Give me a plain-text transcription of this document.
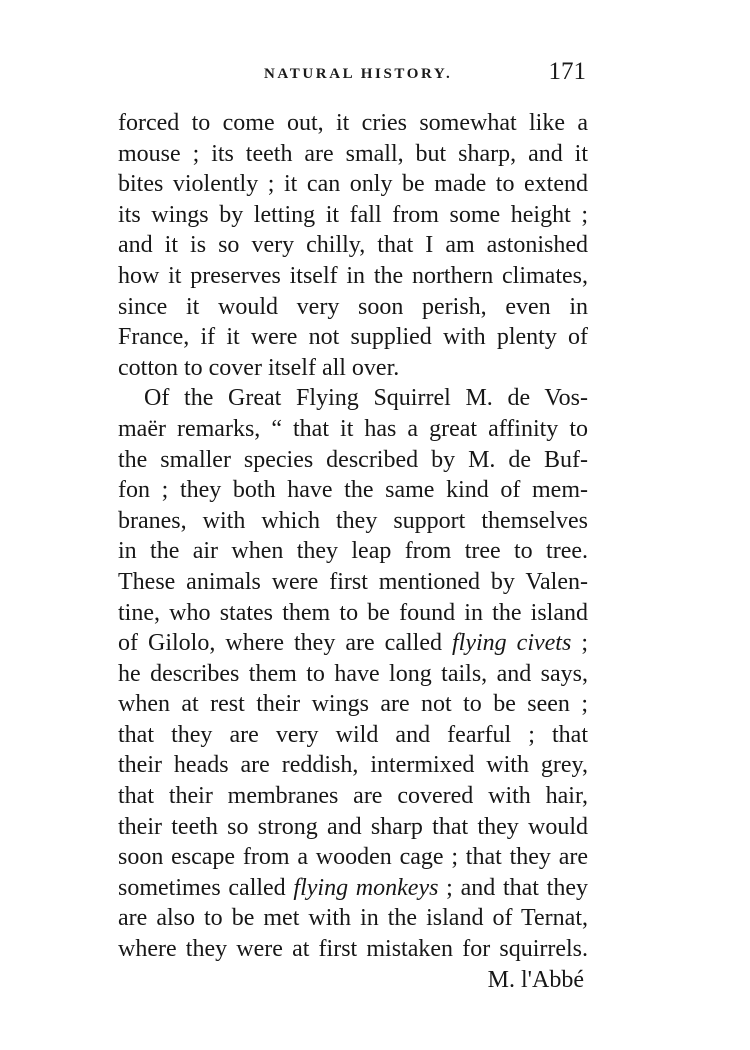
NATURAL HISTORY.	171
forced to come out, it cries somewhat like a
mouse ; its teeth are small, but sharp, and it
bites violently ; it can only be made to extend
its wings by letting it fall from some height ;
and it is so very chilly, that I am astonished
how it preserves itself in the northern climates,
since it would very soon perish, even in
France, if it were not supplied with plenty of
cotton to cover itself all over.
Of the Great Flying Squirrel M. de Vos-
maër remarks, “ that it has a great affinity to
the smaller species described by M. de Buf-
fon ; they both have the same kind of mem-
branes, with which they support themselves
in the air when they leap from tree to tree.
These animals were first mentioned by Valen-
tine, who states them to be found in the island
of Gilolo, where they are called flying civets ;
he describes them to have long tails, and says,
when at rest their wings are not to be seen ;
that they are very wild and fearful ; that
their heads are reddish, intermixed with grey,
that their membranes are covered with hair,
their teeth so strong and sharp that they would
soon escape from a wooden cage ; that they are
sometimes called flying monkeys ; and that they
are also to be met with in the island of Ternat,
where they were at first mistaken for squirrels.
M. l'Abbé
